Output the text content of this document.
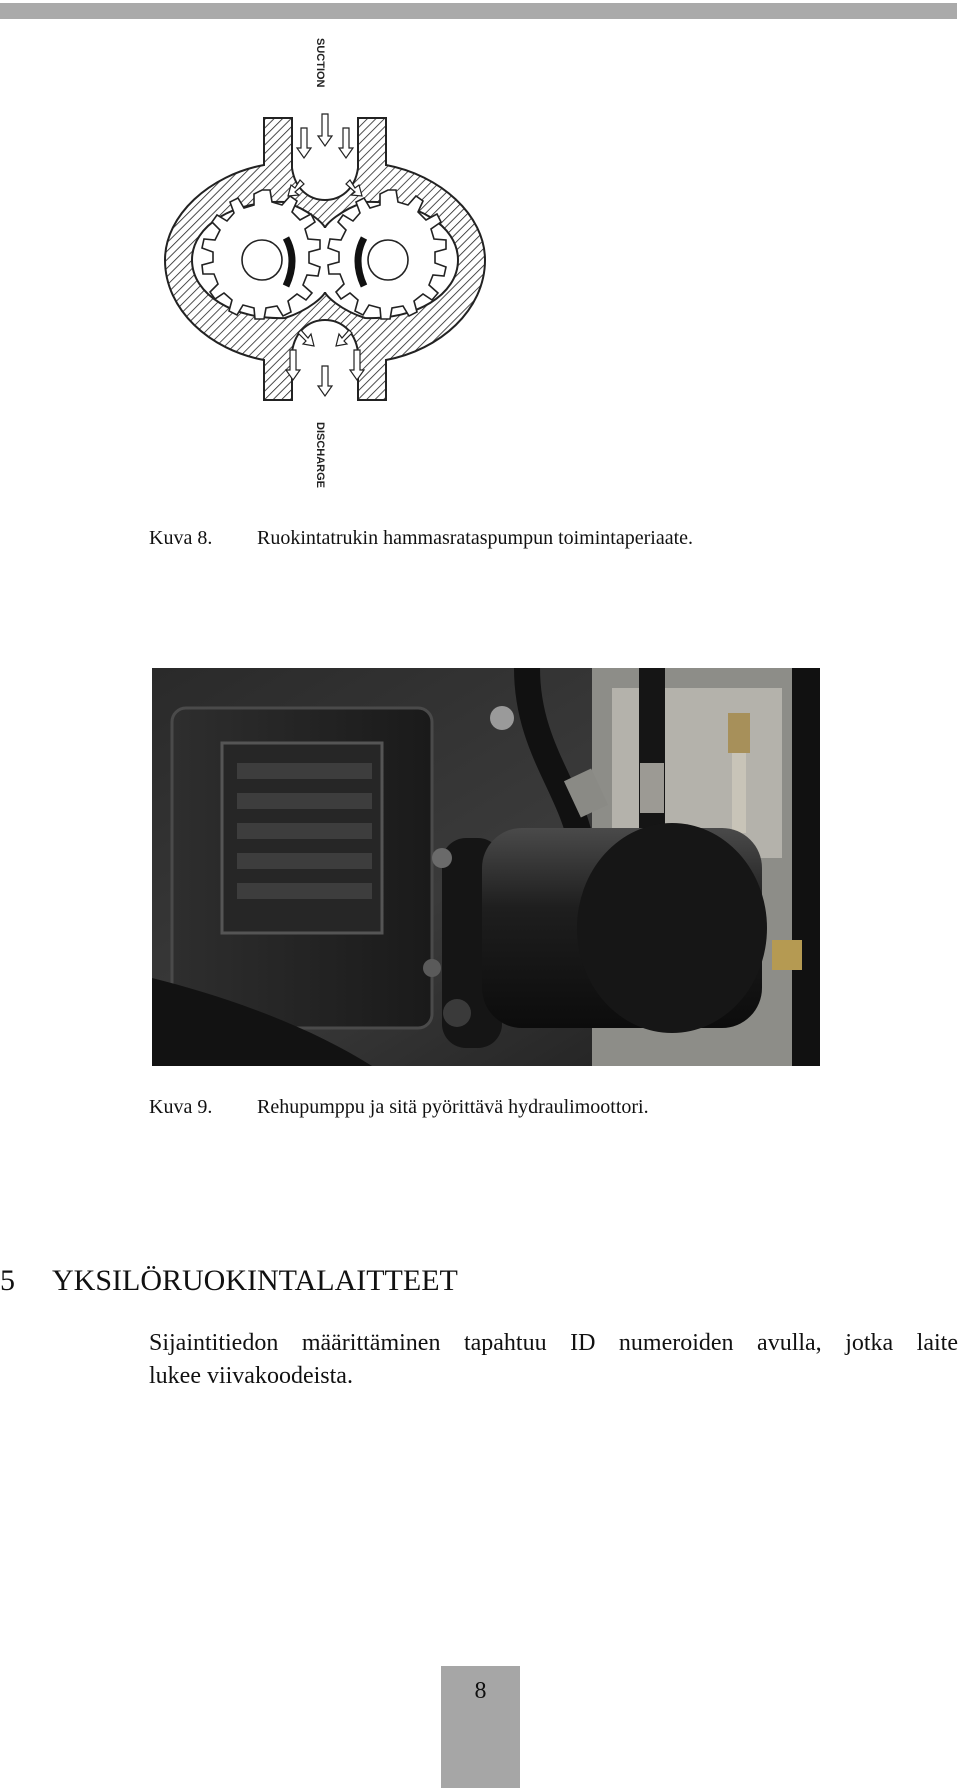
SUCTION
DISCHARGE
Kuva 8. Ruokintatrukin hammasrataspumpun toimintaperiaate.
Kuva 9. Rehupumppu ja sitä pyörittävä hydraulimoottori.
5 YKSILÖRUOKINTALAITTEET
Sijaintitiedon määrittäminen tapahtuu ID numeroiden avulla, jotka laite
lukee viivakoodeista.
8
